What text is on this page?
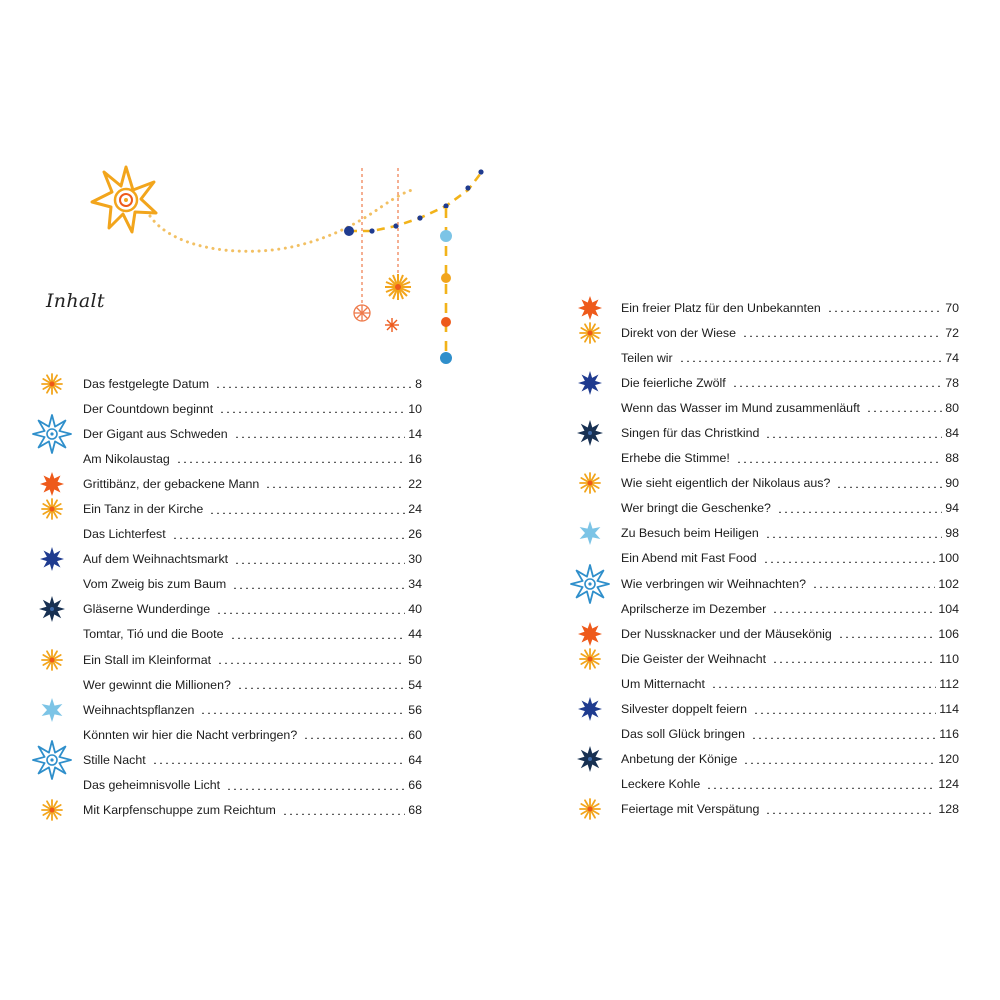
Inhalt
Das festgelegte Datum	8
Der Countdown beginnt	10
Der Gigant aus Schweden	14
Am Nikolaustag	16
Grittibänz, der gebackene Mann	22
Ein Tanz in der Kirche	24
Das Lichterfest	26
Auf dem Weihnachtsmarkt	30
Vom Zweig bis zum Baum	34
Gläserne Wunderdinge	40
Tomtar, Tió und die Boote	44
Ein Stall im Kleinformat	50
Wer gewinnt die Millionen?	54
Weihnachtspflanzen	56
Könnten wir hier die Nacht verbringen?	60
Stille Nacht	64
Das geheimnisvolle Licht	66
Mit Karpfenschuppe zum Reichtum	68
Ein freier Platz für den Unbekannten	70
Direkt von der Wiese	72
Teilen wir	74
Die feierliche Zwölf	78
Wenn das Wasser im Mund zusammenläuft	80
Singen für das Christkind	84
Erhebe die Stimme!	88
Wie sieht eigentlich der Nikolaus aus?	90
Wer bringt die Geschenke?	94
Zu Besuch beim Heiligen	98
Ein Abend mit Fast Food	100
Wie verbringen wir Weihnachten?	102
Aprilscherze im Dezember	104
Der Nussknacker und der Mäusekönig	106
Die Geister der Weihnacht	110
Um Mitternacht	112
Silvester doppelt feiern	114
Das soll Glück bringen	116
Anbetung der Könige	120
Leckere Kohle	124
Feiertage mit Verspätung	128
